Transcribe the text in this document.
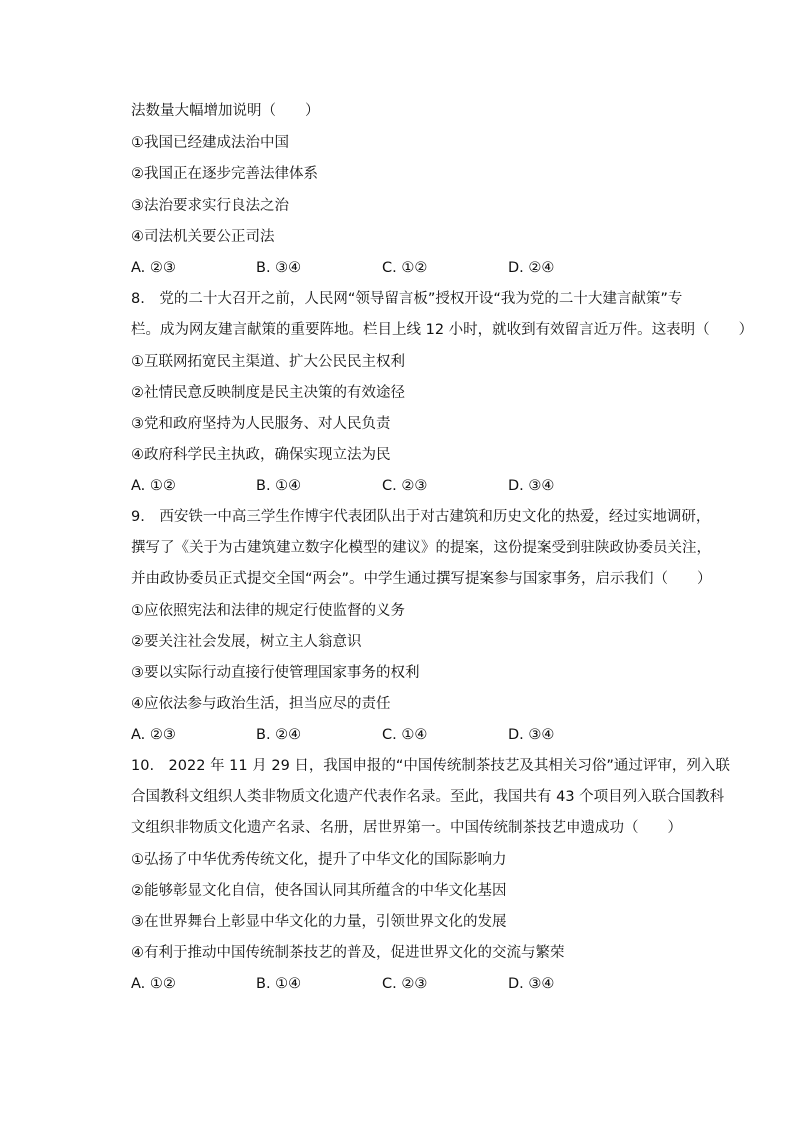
法数量大幅增加说明（　　）
①我国已经建成法治中国
②我国正在逐步完善法律体系
③法治要求实行良法之治
④司法机关要公正司法
A. ②③	B. ③④	C. ①②	D. ②④
8.　党的二十大召开之前，人民网“领导留言板”授权开设“我为党的二十大建言献策”专
栏。成为网友建言献策的重要阵地。栏目上线 12 小时，就收到有效留言近万件。这表明（　　）
①互联网拓宽民主渠道、扩大公民民主权利
②社情民意反映制度是民主决策的有效途径
③党和政府坚持为人民服务、对人民负责
④政府科学民主执政，确保实现立法为民
A. ①②	B. ①④	C. ②③	D. ③④
9.　西安铁一中高三学生作博宇代表团队出于对古建筑和历史文化的热爱，经过实地调研，
撰写了《关于为古建筑建立数字化模型的建议》的提案，这份提案受到驻陕政协委员关注，
并由政协委员正式提交全国“两会”。中学生通过撰写提案参与国家事务，启示我们（　　）
①应依照宪法和法律的规定行使监督的义务
②要关注社会发展，树立主人翁意识
③要以实际行动直接行使管理国家事务的权利
④应依法参与政治生活，担当应尽的责任
A. ②③	B. ②④	C. ①④	D. ③④
10.　2022 年 11 月 29 日，我国申报的“中国传统制茶技艺及其相关习俗”通过评审，列入联
合国教科文组织人类非物质文化遗产代表作名录。至此，我国共有 43 个项目列入联合国教科
文组织非物质文化遗产名录、名册，居世界第一。中国传统制茶技艺申遗成功（　　）
①弘扬了中华优秀传统文化，提升了中华文化的国际影响力
②能够彰显文化自信，使各国认同其所蕴含的中华文化基因
③在世界舞台上彰显中华文化的力量，引领世界文化的发展
④有利于推动中国传统制茶技艺的普及，促进世界文化的交流与繁荣
A. ①②	B. ①④	C. ②③	D. ③④
